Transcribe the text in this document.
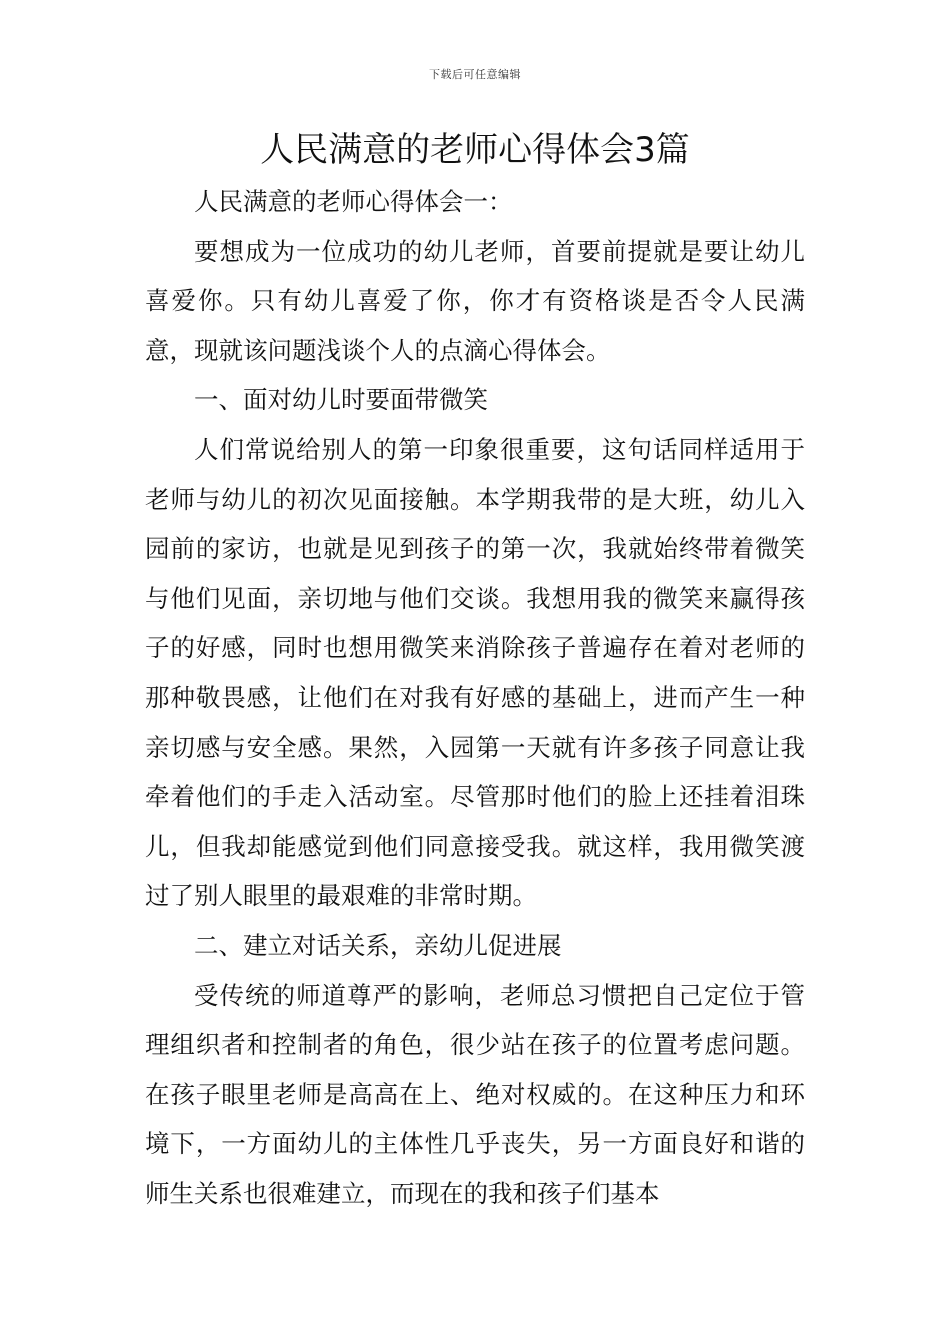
下载后可任意编辑
人民满意的老师心得体会3篇

人民满意的老师心得体会一：

要想成为一位成功的幼儿老师，首要前提就是要让幼儿喜爱你。只有幼儿喜爱了你，你才有资格谈是否令人民满意，现就该问题浅谈个人的点滴心得体会。

一、面对幼儿时要面带微笑

人们常说给别人的第一印象很重要，这句话同样适用于老师与幼儿的初次见面接触。本学期我带的是大班，幼儿入园前的家访，也就是见到孩子的第一次，我就始终带着微笑与他们见面，亲切地与他们交谈。我想用我的微笑来赢得孩子的好感，同时也想用微笑来消除孩子普遍存在着对老师的那种敬畏感，让他们在对我有好感的基础上，进而产生一种亲切感与安全感。果然，入园第一天就有许多孩子同意让我牵着他们的手走入活动室。尽管那时他们的脸上还挂着泪珠儿，但我却能感觉到他们同意接受我。就这样，我用微笑渡过了别人眼里的最艰难的非常时期。

二、建立对话关系，亲幼儿促进展

受传统的师道尊严的影响，老师总习惯把自己定位于管理组织者和控制者的角色，很少站在孩子的位置考虑问题。在孩子眼里老师是高高在上、绝对权威的。在这种压力和环境下，一方面幼儿的主体性几乎丧失，另一方面良好和谐的师生关系也很难建立，而现在的我和孩子们基本
